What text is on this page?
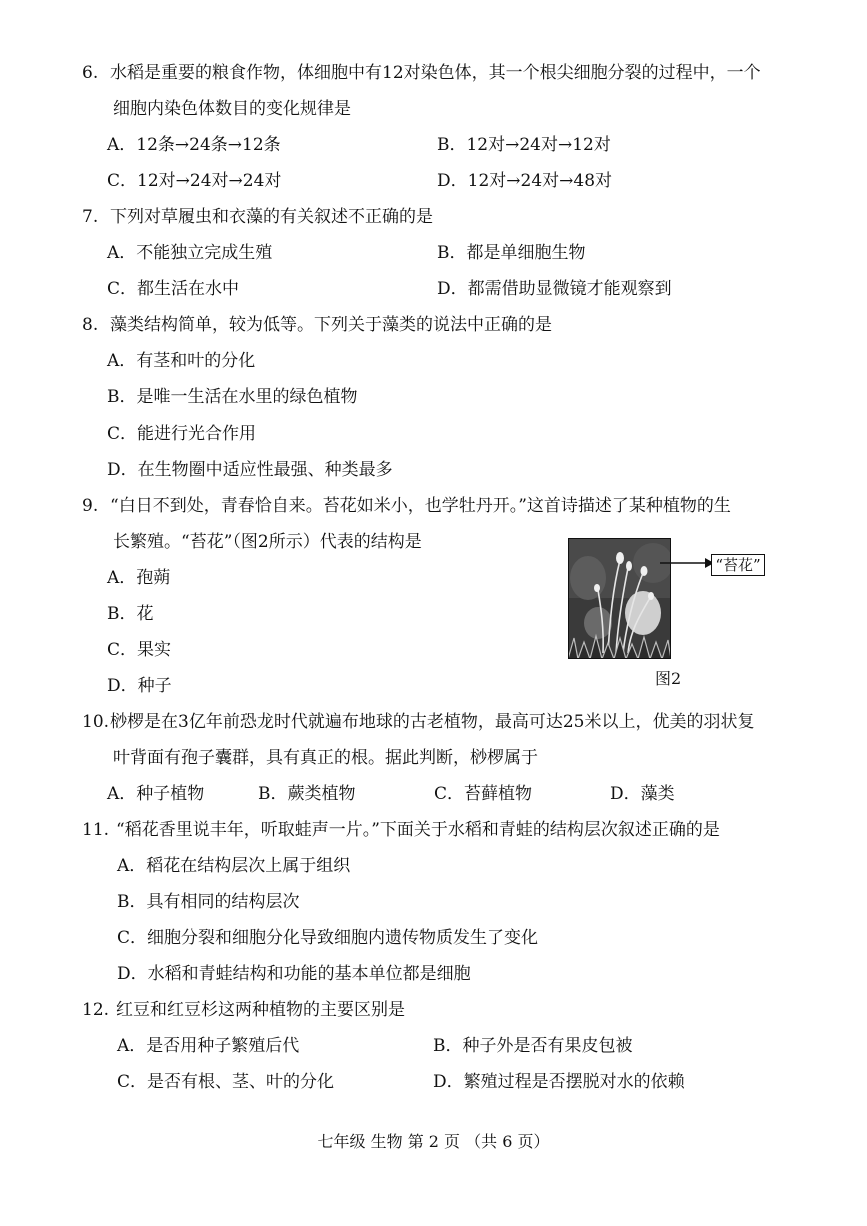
6. 水稻是重要的粮食作物，体细胞中有12对染色体，其一个根尖细胞分裂的过程中，一个
细胞内染色体数目的变化规律是
A．12条→24条→12条	B．12对→24对→12对
C．12对→24对→24对	D．12对→24对→48对
7. 下列对草履虫和衣藻的有关叙述不正确的是
A．不能独立完成生殖	B．都是单细胞生物
C．都生活在水中	D．都需借助显微镜才能观察到
8. 藻类结构简单，较为低等。下列关于藻类的说法中正确的是
A．有茎和叶的分化
B．是唯一生活在水里的绿色植物
C．能进行光合作用
D．在生物圈中适应性最强、种类最多
9. “白日不到处，青春恰自来。苔花如米小，也学牡丹开。”这首诗描述了某种植物的生
长繁殖。“苔花”（图2所示）代表的结构是
A．孢蒴
B．花
C．果实
D．种子
“苔花”
图2
10.桫椤是在3亿年前恐龙时代就遍布地球的古老植物，最高可达25米以上，优美的羽状复
叶背面有孢子囊群，具有真正的根。据此判断，桫椤属于
A．种子植物	B．蕨类植物	C．苔藓植物	D．藻类
11. “稻花香里说丰年，听取蛙声一片。”下面关于水稻和青蛙的结构层次叙述正确的是
A．稻花在结构层次上属于组织
B．具有相同的结构层次
C．细胞分裂和细胞分化导致细胞内遗传物质发生了变化
D．水稻和青蛙结构和功能的基本单位都是细胞
12. 红豆和红豆杉这两种植物的主要区别是
A．是否用种子繁殖后代	B．种子外是否有果皮包被
C．是否有根、茎、叶的分化	D．繁殖过程是否摆脱对水的依赖
七年级 生物 第 2 页 （共 6 页）
